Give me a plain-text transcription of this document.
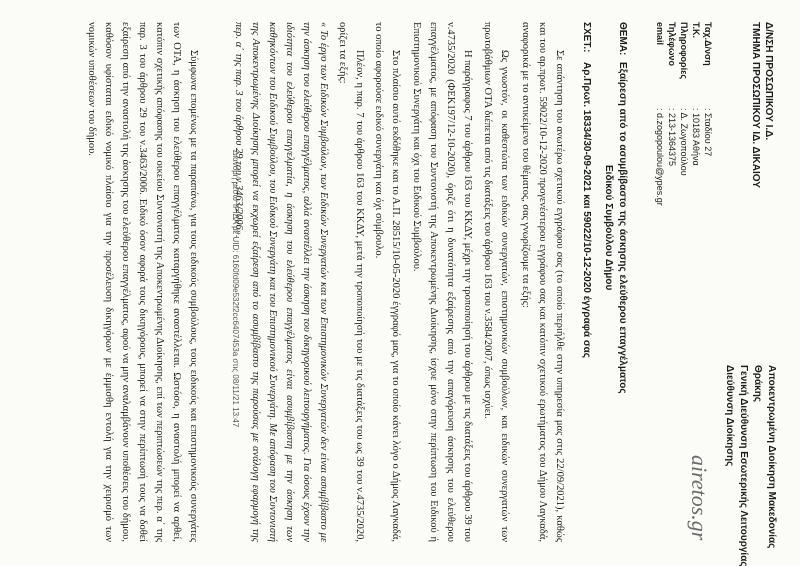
Δ/ΝΣΗ ΠΡΟΣΩΠΙΚΟΥ Ι.Δ.
ΤΜΗΜΑ ΠΡΟΣΩΠΙΚΟΥ ΙΔ. ΔΙΚΑΙΟΥ
Αποκεντρωμένη Διοίκηση Μακεδονίας
Θράκης
Γενική Διεύθυνση Εσωτερικής Λειτουργίας
Διεύθυνση Διοίκησης
airetos.gr
Ταχ.Δ/νση
Τ.Κ.
Πληροφορίες
Τηλέφωνο
email
: Σταδίου 27
: 10183 Αθήνα
: Δ. Ζωγοπούλου
: 213-1364375
: d.zogopoulou@ypes.gr
ΘΕΜΑ:
Εξαίρεση από το ασυμβίβαστο της άσκησης ελεύθερου επαγγέλματος
Ειδικού Συμβούλου Δήμου
ΣΧΕΤ.:
Αρ.Πρωτ. 18334/30-09-2021 και 59022/10-12-2020 έγγραφά σας
Σε απάντηση του ανωτέρω σχετικού εγγράφου σας (το οποίο περιήλθε στην υπηρεσία μας στις 22/09/2021), καθώς και του αρ.πρωτ. 59022/10-12-2020 προγενέστερου εγγράφου σας και κατόπιν σχετικού ερωτήματος του Δήμου Λαγκαδά, αναφορικά με το αντικείμενο του θέματος, σας γνωρίζουμε τα εξής:
Ως γνωστόν, οι καθεστώτα των ειδικών συνεργατών, επιστημονικών συμβούλων, και ειδικών συνεργατών των πρωτοβάθμιων ΟΤΑ διέπεται από τις διατάξεις του άρθρου 163 του ν.3584/2007, όπως ισχύει.
Η παράγραφος 7 του άρθρου 163 του ΚΚΔΥ, μέχρι την τροποποίησή του άρθρου με τις διατάξεις του άρθρου 39 του ν.4735/2020 (ΦΕΚ197/12-10-2020), όριζε ότι η δυνατότητα εξαίρεσης από την απαγόρευση άσκησης του ελεύθερου επαγγέλματος, με απόφαση του Συντονιστή της Αποκεντρωμένης Διοίκησης, ίσχυε μόνο στην περίπτωση του Ειδικού ή Επιστημονικού Συνεργάτη και όχι του Ειδικού Συμβούλου.
Στο πλαίσιο αυτό εκδόθηκε και το Α.Π. 28515/10-05-2020 έγγραφό μας, για το οποίο κάνει λόγο ο Δήμος Λαγκαδά, το οποίο αφορούσε ειδικό συνεργάτη και όχι σύμβουλο.
Πλέον, η παρ. 7 του άρθρου 163 του ΚΚΔΥ, μετά την τροποποίησή του με τις διατάξεις του ως 39 του ν.4735/2020, ορίζει τα εξής:
« Το έργο των Ειδικών Συμβούλων, των Ειδικών Συνεργατών και των Επιστημονικών Συνεργατών δεν είναι ασυμβίβαστο με την άσκηση του ελεύθερου επαγγέλματος, αλλά αναστέλλει την άσκηση του δικηγορικού λειτουργήματος. Για όσους έχουν την ιδιότητα του ελεύθερου επαγγελματία, η άσκηση του ελεύθερου επαγγέλματος είναι ασυμβίβαστη με την άσκηση των καθηκόντων του Ειδικού Συμβούλου, του Ειδικού Συνεργάτη και του Επιστημονικού Συνεργάτη. Με απόφαση του Συντονιστή της Αποκεντρωμένης Διοίκησης μπορεί να εκχωρεί εξαίρεση από το ασυμβίβαστο της παρούσας με ανάλογη εφαρμογή της περ. α΄ της παρ. 3 του άρθρου 29 του ν.3463/2006».
Διανομή μέσω ΊΡΙΔΑ με UID: 6160fd09e532f2cc6407453a στις 08/11/21 13:47
Σύμφωνα επομένως με τα παραπάνω, για τους ειδικούς συμβούλους, τους ειδικούς και επιστημονικούς συνεργάτες των ΟΤΑ, η άσκηση του ελεύθερου επαγγέλματος καταργήθηκε αναστέλλεται. Ωστόσο, η αναστολή μπορεί να αρθεί, κατόπιν σχετικής απόφασης του οικείου Συντονιστή της Αποκεντρωμένης Διοίκησης, επί των περιπτώσεών της περ. α΄ της παρ. 3 του άρθρου 29 του ν.3463/2006. Ειδικό όσον αφορά τους δικηγόρους, μπορεί να στην περίπτωσή τους να δοθεί εξαίρεση από την αναστολή της άσκησης του ελεύθερου επαγγέλματος, αφού να μην αναλαμβάνουν υποθέσεις του δήμου, καθόσον υφίσταται ειδικό νομικό πλαίσιο για την προσέλευση δικηγόρων με έμμισθη εντολή για την χειρισμό των νομικών υποθέσεων του δήμου.
